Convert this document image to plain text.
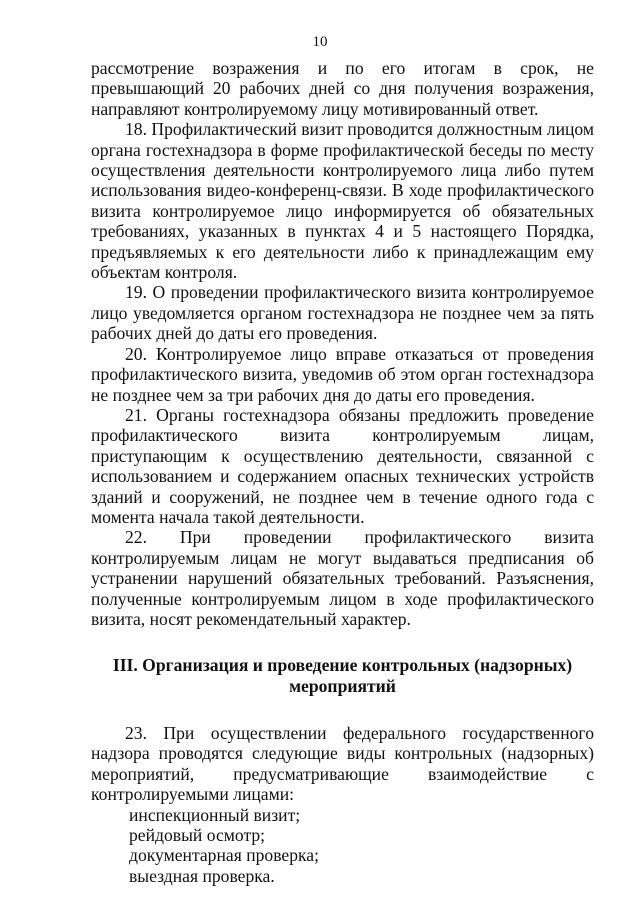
10

рассмотрение возражения и по его итогам в срок, не превышающий 20 рабочих дней со дня получения возражения, направляют контролируемому лицу мотивированный ответ.

18. Профилактический визит проводится должностным лицом органа гостехнадзора в форме профилактической беседы по месту осуществления деятельности контролируемого лица либо путем использования видео-конференц-связи. В ходе профилактического визита контролируемое лицо информируется об обязательных требованиях, указанных в пунктах 4 и 5 настоящего Порядка, предъявляемых к его деятельности либо к принадлежащим ему объектам контроля.

19. О проведении профилактического визита контролируемое лицо уведомляется органом гостехнадзора не позднее чем за пять рабочих дней до даты его проведения.

20. Контролируемое лицо вправе отказаться от проведения профилактического визита, уведомив об этом орган гостехнадзора не позднее чем за три рабочих дня до даты его проведения.

21. Органы гостехнадзора обязаны предложить проведение профилактического визита контролируемым лицам, приступающим к осуществлению деятельности, связанной с использованием и содержанием опасных технических устройств зданий и сооружений, не позднее чем в течение одного года с момента начала такой деятельности.

22. При проведении профилактического визита контролируемым лицам не могут выдаваться предписания об устранении нарушений обязательных требований. Разъяснения, полученные контролируемым лицом в ходе профилактического визита, носят рекомендательный характер.

III. Организация и проведение контрольных (надзорных)
мероприятий

23. При осуществлении федерального государственного надзора проводятся следующие виды контрольных (надзорных) мероприятий, предусматривающие взаимодействие с контролируемыми лицами:

инспекционный визит;
рейдовый осмотр;
документарная проверка;
выездная проверка.
